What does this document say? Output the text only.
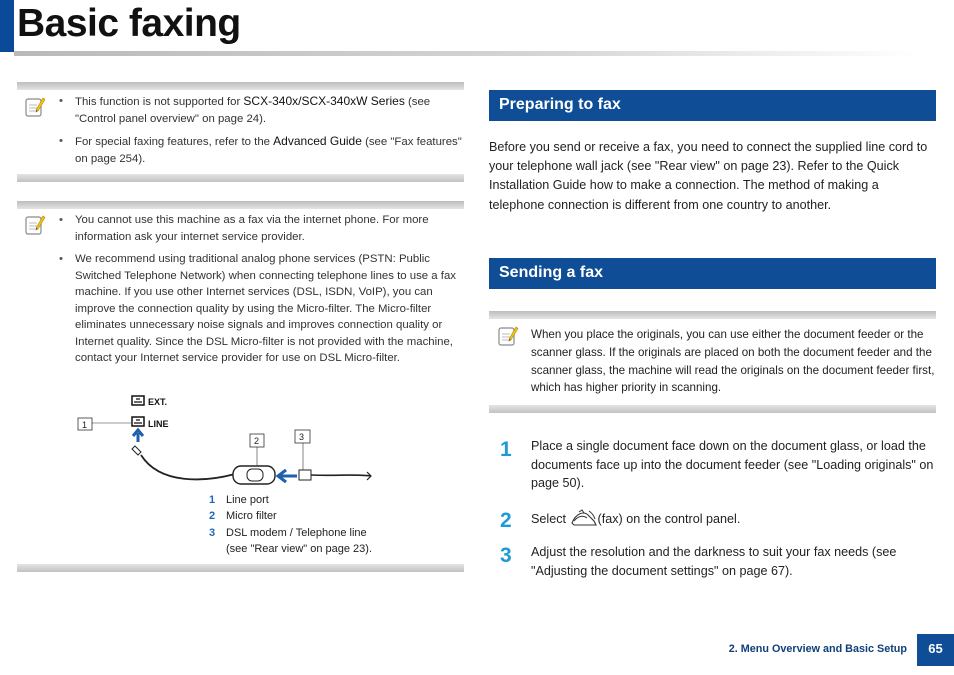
Basic faxing
• This function is not supported for SCX-340x/SCX-340xW Series (see "Control panel overview" on page 24).
• For special faxing features, refer to the Advanced Guide (see "Fax features" on page 254).
• You cannot use this machine as a fax via the internet phone. For more information ask your internet service provider.
• We recommend using traditional analog phone services (PSTN: Public Switched Telephone Network) when connecting telephone lines to use a fax machine. If you use other Internet services (DSL, ISDN, VoIP), you can improve the connection quality by using the Micro-filter. The Micro-filter eliminates unnecessary noise signals and improves connection quality or Internet quality. Since the DSL Micro-filter is not provided with the machine, contact your Internet service provider for use on DSL Micro-filter.
EXT.
LINE
1
2	3
1 Line port
2 Micro filter
3 DSL modem / Telephone line
(see "Rear view" on page 23).
Preparing to fax

Before you send or receive a fax, you need to connect the supplied line cord to your telephone wall jack (see "Rear view" on page 23). Refer to the Quick Installation Guide how to make a connection. The method of making a telephone connection is different from one country to another.

Sending a fax
When you place the originals, you can use either the document feeder or the scanner glass. If the originals are placed on both the document feeder and the scanner glass, the machine will read the originals on the document feeder first, which has higher priority in scanning.
1 Place a single document face down on the document glass, or load the documents face up into the document feeder (see "Loading originals" on page 50).
2 Select (fax) on the control panel.
3 Adjust the resolution and the darkness to suit your fax needs (see "Adjusting the document settings" on page 67).
2. Menu Overview and Basic Setup	65
